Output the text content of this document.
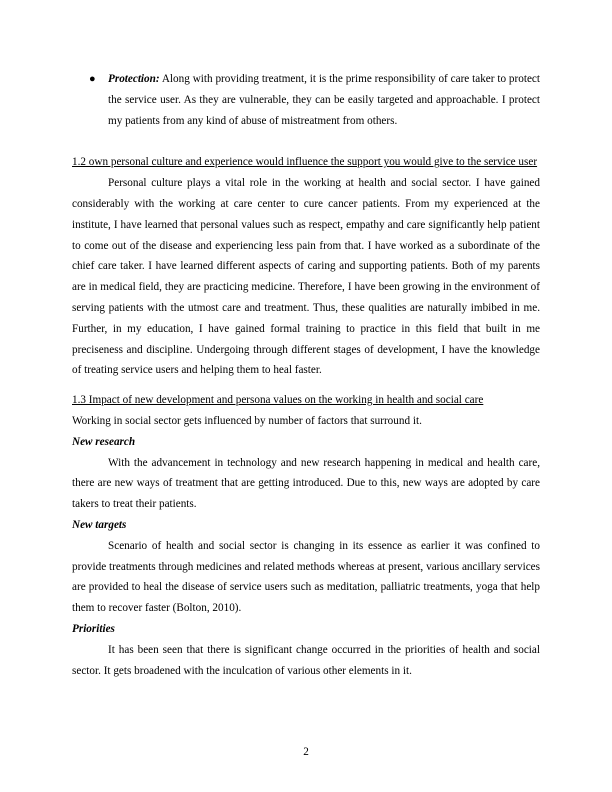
● Protection: Along with providing treatment, it is the prime responsibility of care taker to protect the service user. As they are vulnerable, they can be easily targeted and approachable. I protect my patients from any kind of abuse of mistreatment from others.

1.2 own personal culture and experience would influence the support you would give to the service user

Personal culture plays a vital role in the working at health and social sector. I have gained considerably with the working at care center to cure cancer patients. From my experienced at the institute, I have learned that personal values such as respect, empathy and care significantly help patient to come out of the disease and experiencing less pain from that. I have worked as a subordinate of the chief care taker. I have learned different aspects of caring and supporting patients. Both of my parents are in medical field, they are practicing medicine. Therefore, I have been growing in the environment of serving patients with the utmost care and treatment. Thus, these qualities are naturally imbibed in me. Further, in my education, I have gained formal training to practice in this field that built in me preciseness and discipline. Undergoing through different stages of development, I have the knowledge of treating service users and helping them to heal faster.

1.3 Impact of new development and persona values on the working in health and social care

Working in social sector gets influenced by number of factors that surround it.

New research

With the advancement in technology and new research happening in medical and health care, there are new ways of treatment that are getting introduced. Due to this, new ways are adopted by care takers to treat their patients.

New targets

Scenario of health and social sector is changing in its essence as earlier it was confined to provide treatments through medicines and related methods whereas at present, various ancillary services are provided to heal the disease of service users such as meditation, palliatric treatments, yoga that help them to recover faster (Bolton, 2010).

Priorities

It has been seen that there is significant change occurred in the priorities of health and social sector. It gets broadened with the inculcation of various other elements in it.

2
